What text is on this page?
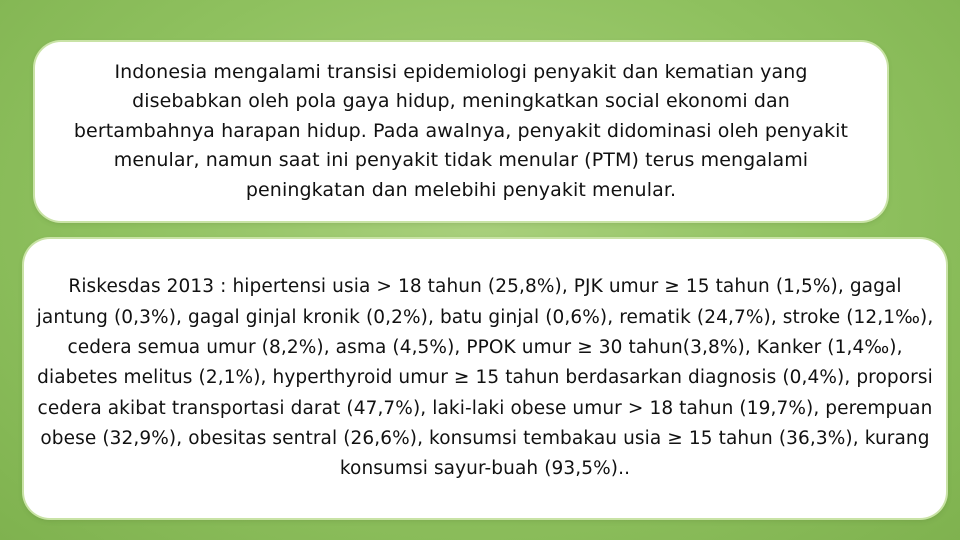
Indonesia mengalami transisi epidemiologi penyakit dan kematian yang disebabkan oleh pola gaya hidup, meningkatkan social ekonomi dan bertambahnya harapan hidup. Pada awalnya, penyakit didominasi oleh penyakit menular, namun saat ini penyakit tidak menular (PTM) terus mengalami peningkatan dan melebihi penyakit menular.

Riskesdas 2013 : hipertensi usia > 18 tahun (25,8%), PJK umur ≥ 15 tahun (1,5%), gagal jantung (0,3%), gagal ginjal kronik (0,2%), batu ginjal (0,6%), rematik (24,7%), stroke (12,1‰), cedera semua umur (8,2%), asma (4,5%), PPOK umur ≥ 30 tahun(3,8%), Kanker (1,4‰), diabetes melitus (2,1%), hyperthyroid umur ≥ 15 tahun berdasarkan diagnosis (0,4%), proporsi cedera akibat transportasi darat (47,7%), laki-laki obese umur > 18 tahun (19,7%), perempuan obese (32,9%), obesitas sentral (26,6%), konsumsi tembakau usia ≥ 15 tahun (36,3%), kurang konsumsi sayur-buah (93,5%)..
